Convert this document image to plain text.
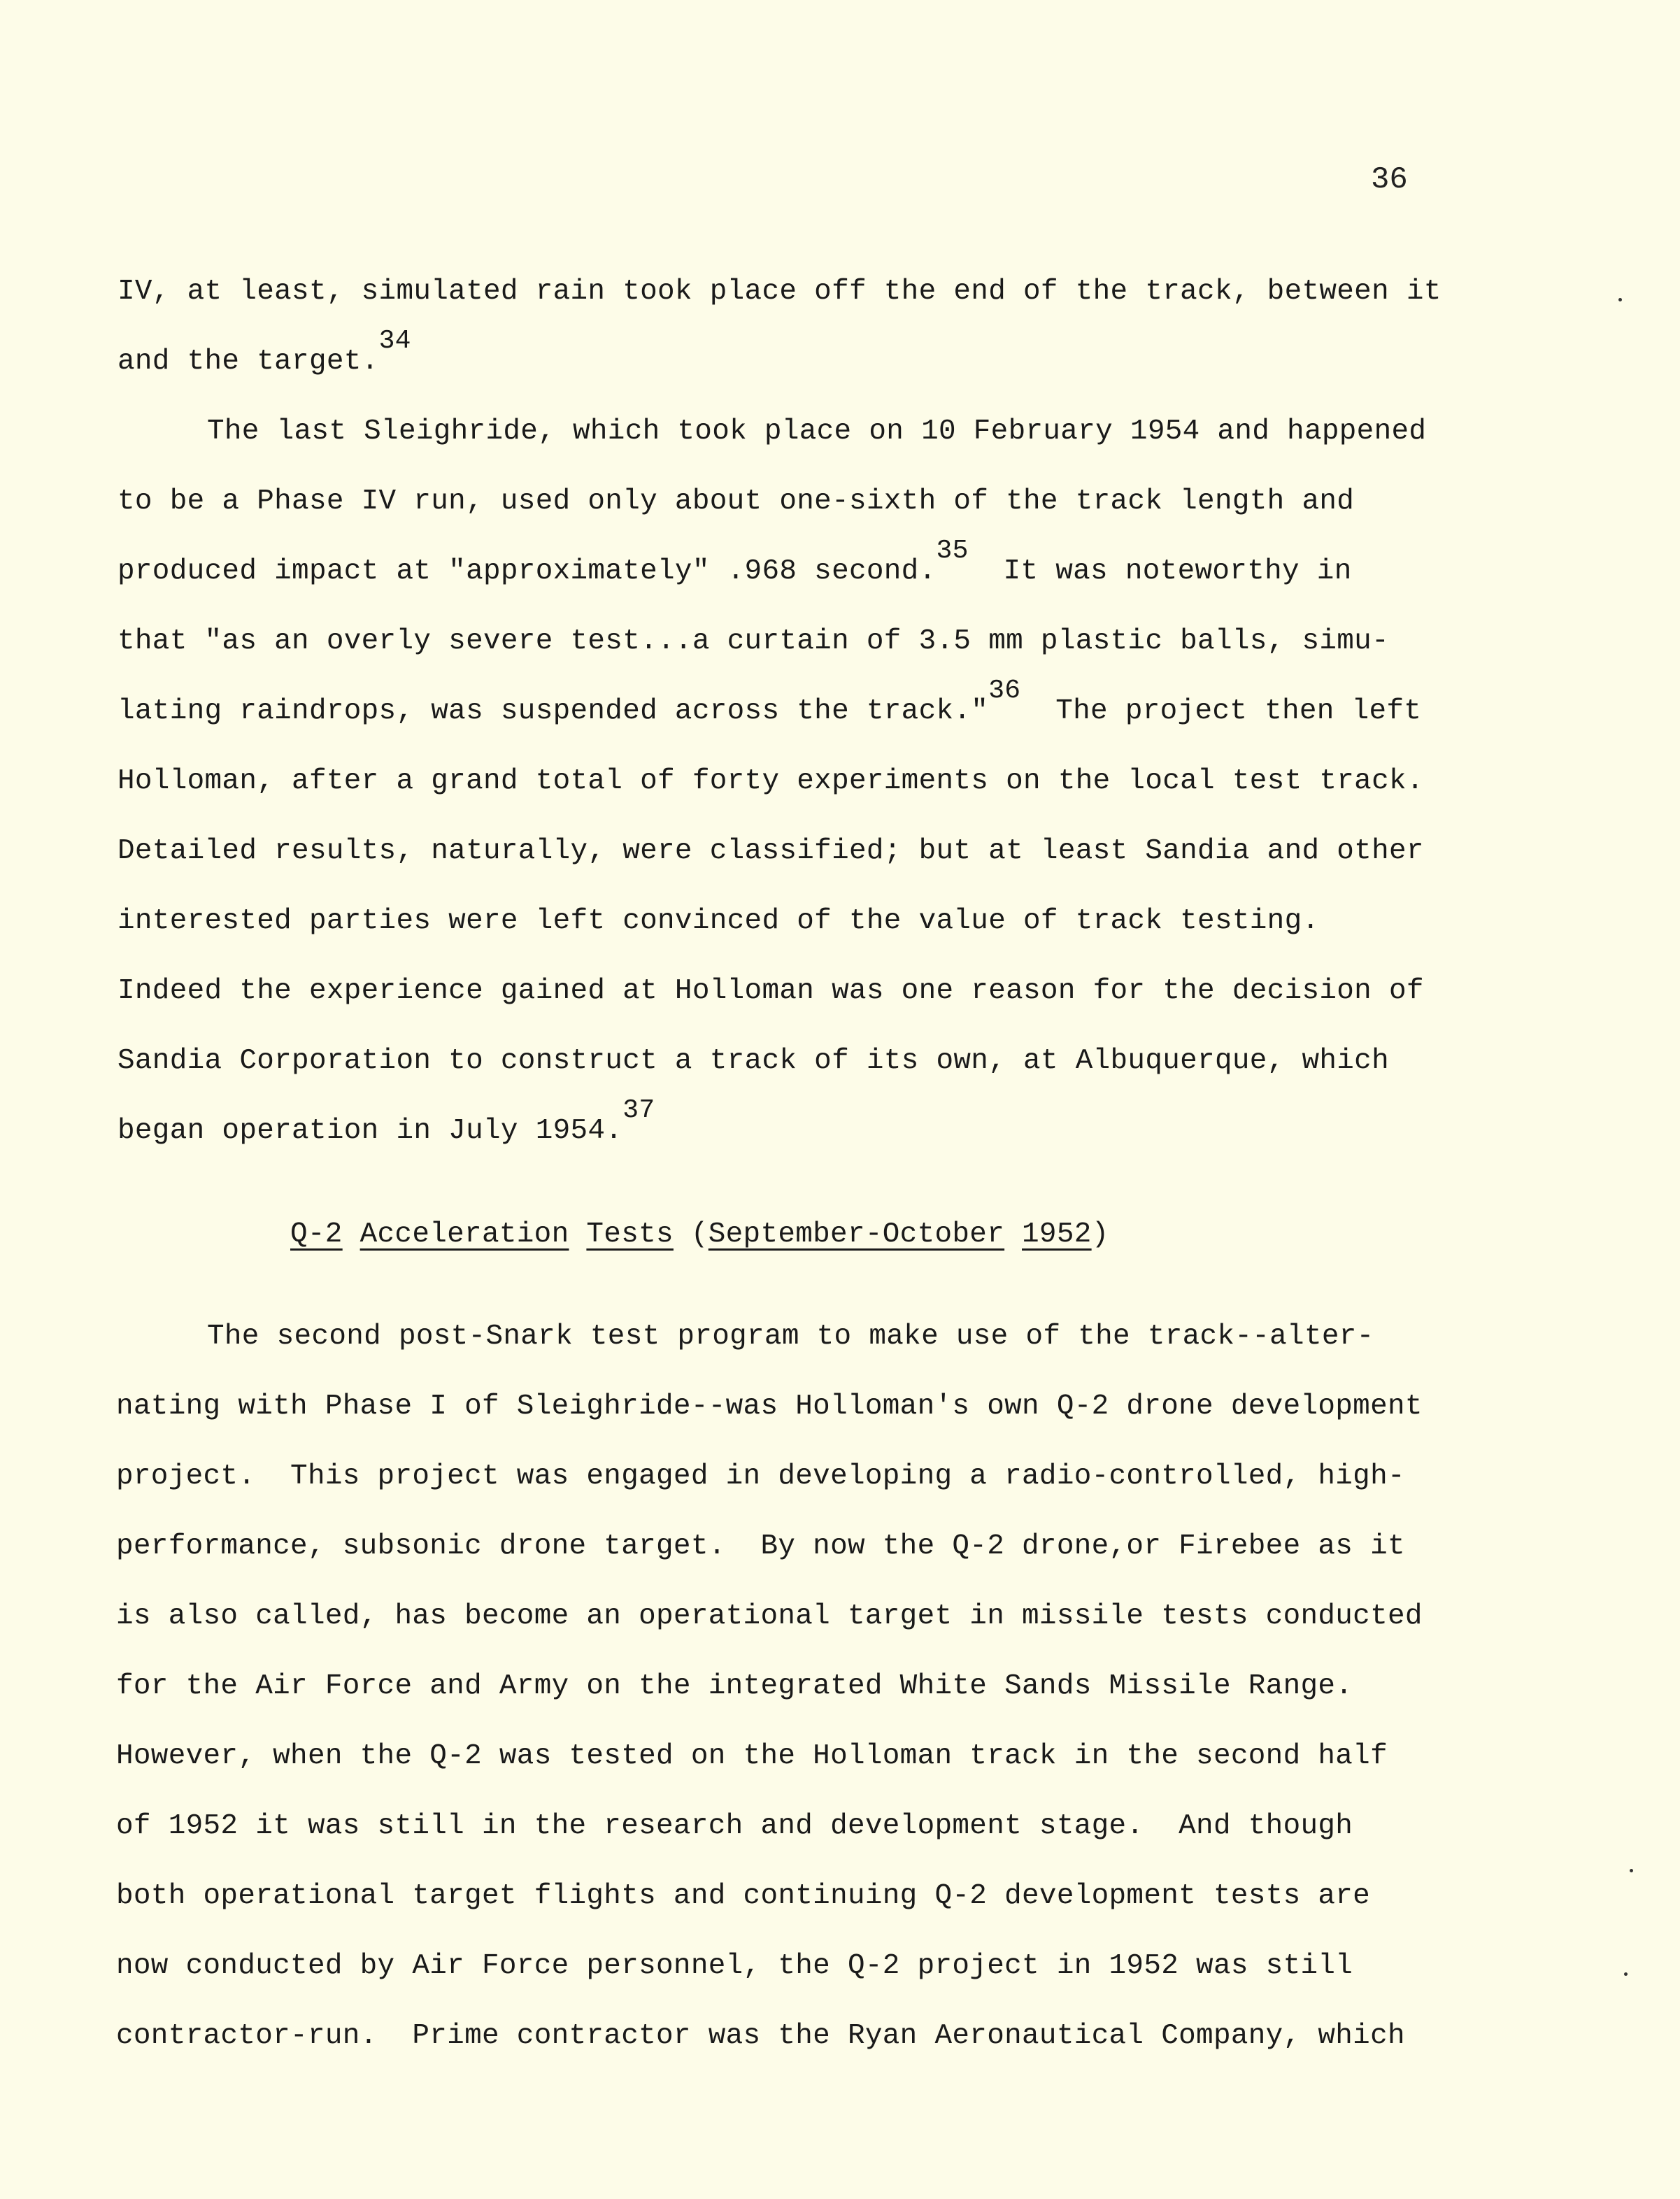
36
IV, at least, simulated rain took place off the end of the track, between it
and the target.34
The last Sleighride, which took place on 10 February 1954 and happened
to be a Phase IV run, used only about one-sixth of the track length and
produced impact at "approximately" .968 second.35  It was noteworthy in
that "as an overly severe test...a curtain of 3.5 mm plastic balls, simu-
lating raindrops, was suspended across the track."36  The project then left
Holloman, after a grand total of forty experiments on the local test track.
Detailed results, naturally, were classified; but at least Sandia and other
interested parties were left convinced of the value of track testing.
Indeed the experience gained at Holloman was one reason for the decision of
Sandia Corporation to construct a track of its own, at Albuquerque, which
began operation in July 1954.37
Q-2 Acceleration Tests (September-October 1952)
The second post-Snark test program to make use of the track--alter-
nating with Phase I of Sleighride--was Holloman's own Q-2 drone development
project.  This project was engaged in developing a radio-controlled, high-
performance, subsonic drone target.  By now the Q-2 drone,or Firebee as it
is also called, has become an operational target in missile tests conducted
for the Air Force and Army on the integrated White Sands Missile Range.
However, when the Q-2 was tested on the Holloman track in the second half
of 1952 it was still in the research and development stage.  And though
both operational target flights and continuing Q-2 development tests are
now conducted by Air Force personnel, the Q-2 project in 1952 was still
contractor-run.  Prime contractor was the Ryan Aeronautical Company, which
